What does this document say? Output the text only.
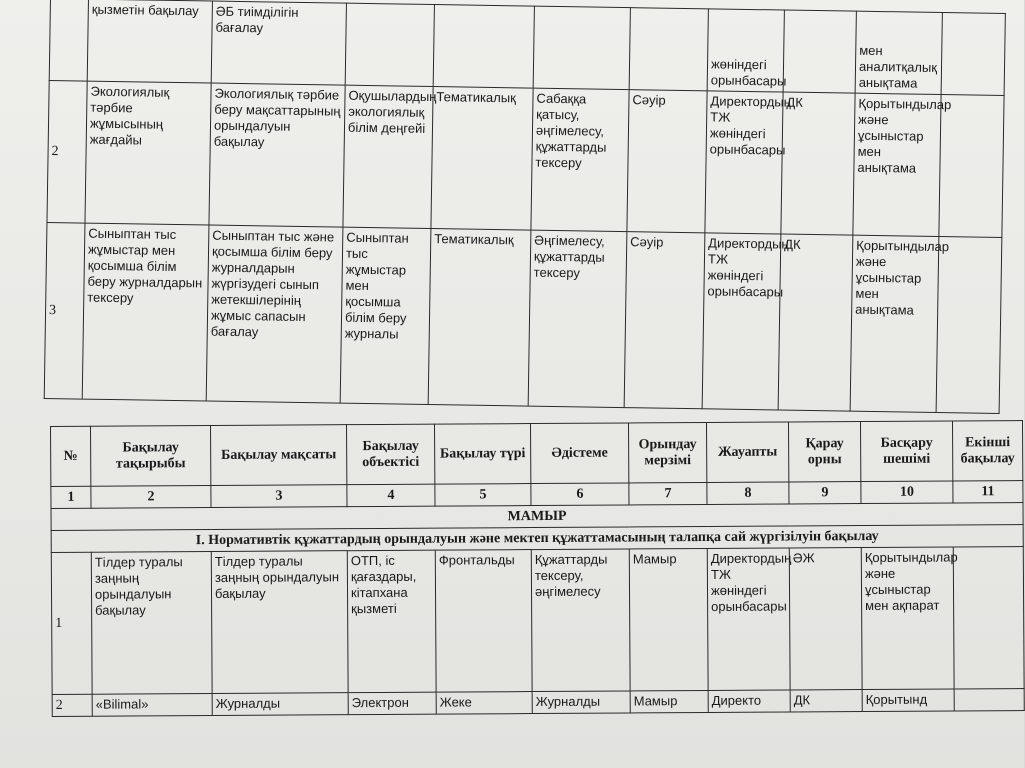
	қызметін бақылау	ӘБ тиімділігін бағалау					жөніндегі орынбасары		мен аналитқалық анықтама	
2	Экологиялық тәрбие жұмысының жағдайы	Экологиялық тәрбие беру мақсаттарының орындалуын бақылау	Оқушылардың экологиялық білім деңгейі	Тематикалық	Сабаққа қатысу, әңгімелесу, құжаттарды тексеру	Сәуір	Директордың ТЖ жөніндегі орынбасары	ДК	Қорытындылар және ұсыныстар мен анықтама	
3	Сыныптан тыс жұмыстар мен қосымша білім беру журналдарын тексеру	Сыныптан тыс және қосымша білім беру журналдарын жүргізудегі сынып жетекшілерінің жұмыс сапасын бағалау	Сыныптан тыс жұмыстар мен қосымша білім беру журналы	Тематикалық	Әңгімелесу, құжаттарды тексеру	Сәуір	Директордың ТЖ жөніндегі орынбасары	ДК	Қорытындылар және ұсыныстар мен анықтама	
№	Бақылау тақырыбы	Бақылау мақсаты	Бақылау объектісі	Бақылау түрі	Әдістеме	Орындау мерзімі	Жауапты	Қарау орны	Басқару шешімі	Екінші бақылау
1	2	3	4	5	6	7	8	9	10	11
МАМЫР										
I. Нормативтік құжаттардың орындалуын және мектеп құжаттамасының талапқа сай жүргізілуін бақылау										
1	Тілдер туралы заңның орындалуын бақылау	Тілдер туралы заңның орындалуын бақылау	ОТП, іс қағаздары, кітапхана қызметі	Фронтальды	Құжаттарды тексеру, әңгімелесу	Мамыр	Директордың ТЖ жөніндегі орынбасары	ӘЖ	Қорытындылар және ұсыныстар мен ақпарат	
2	«Bilimal»	Журналды	Электрон	Жеке	Журналды	Мамыр	Директо	ДК	Қорытынд	
